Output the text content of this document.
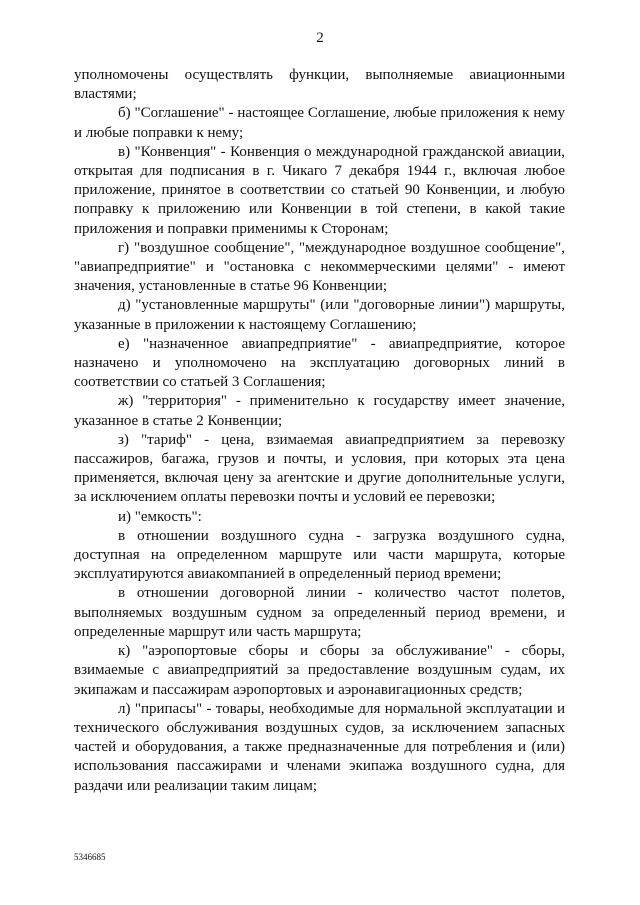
2

уполномочены осуществлять функции, выполняемые авиационными властями;

б) "Соглашение" - настоящее Соглашение, любые приложения к нему и любые поправки к нему;

в) "Конвенция" - Конвенция о международной гражданской авиации, открытая для подписания в г. Чикаго 7 декабря 1944 г., включая любое приложение, принятое в соответствии со статьей 90 Конвенции, и любую поправку к приложению или Конвенции в той степени, в какой такие приложения и поправки применимы к Сторонам;

г) "воздушное сообщение", "международное воздушное сообщение", "авиапредприятие" и "остановка с некоммерческими целями" - имеют значения, установленные в статье 96 Конвенции;

д) "установленные маршруты" (или "договорные линии") маршруты, указанные в приложении к настоящему Соглашению;

е) "назначенное авиапредприятие" - авиапредприятие, которое назначено и уполномочено на эксплуатацию договорных линий в соответствии со статьей 3 Соглашения;

ж) "территория" - применительно к государству имеет значение, указанное в статье 2 Конвенции;

з) "тариф" - цена, взимаемая авиапредприятием за перевозку пассажиров, багажа, грузов и почты, и условия, при которых эта цена применяется, включая цену за агентские и другие дополнительные услуги, за исключением оплаты перевозки почты и условий ее перевозки;

и) "емкость":

в отношении воздушного судна - загрузка воздушного судна, доступная на определенном маршруте или части маршрута, которые эксплуатируются авиакомпанией в определенный период времени;

в отношении договорной линии - количество частот полетов, выполняемых воздушным судном за определенный период времени, и определенные маршрут или часть маршрута;

к) "аэропортовые сборы и сборы за обслуживание" - сборы, взимаемые с авиапредприятий за предоставление воздушным судам, их экипажам и пассажирам аэропортовых и аэронавигационных средств;

л) "припасы" - товары, необходимые для нормальной эксплуатации и технического обслуживания воздушных судов, за исключением запасных частей и оборудования, а также предназначенные для потребления и (или) использования пассажирами и членами экипажа воздушного судна, для раздачи или реализации таким лицам;

5346685
